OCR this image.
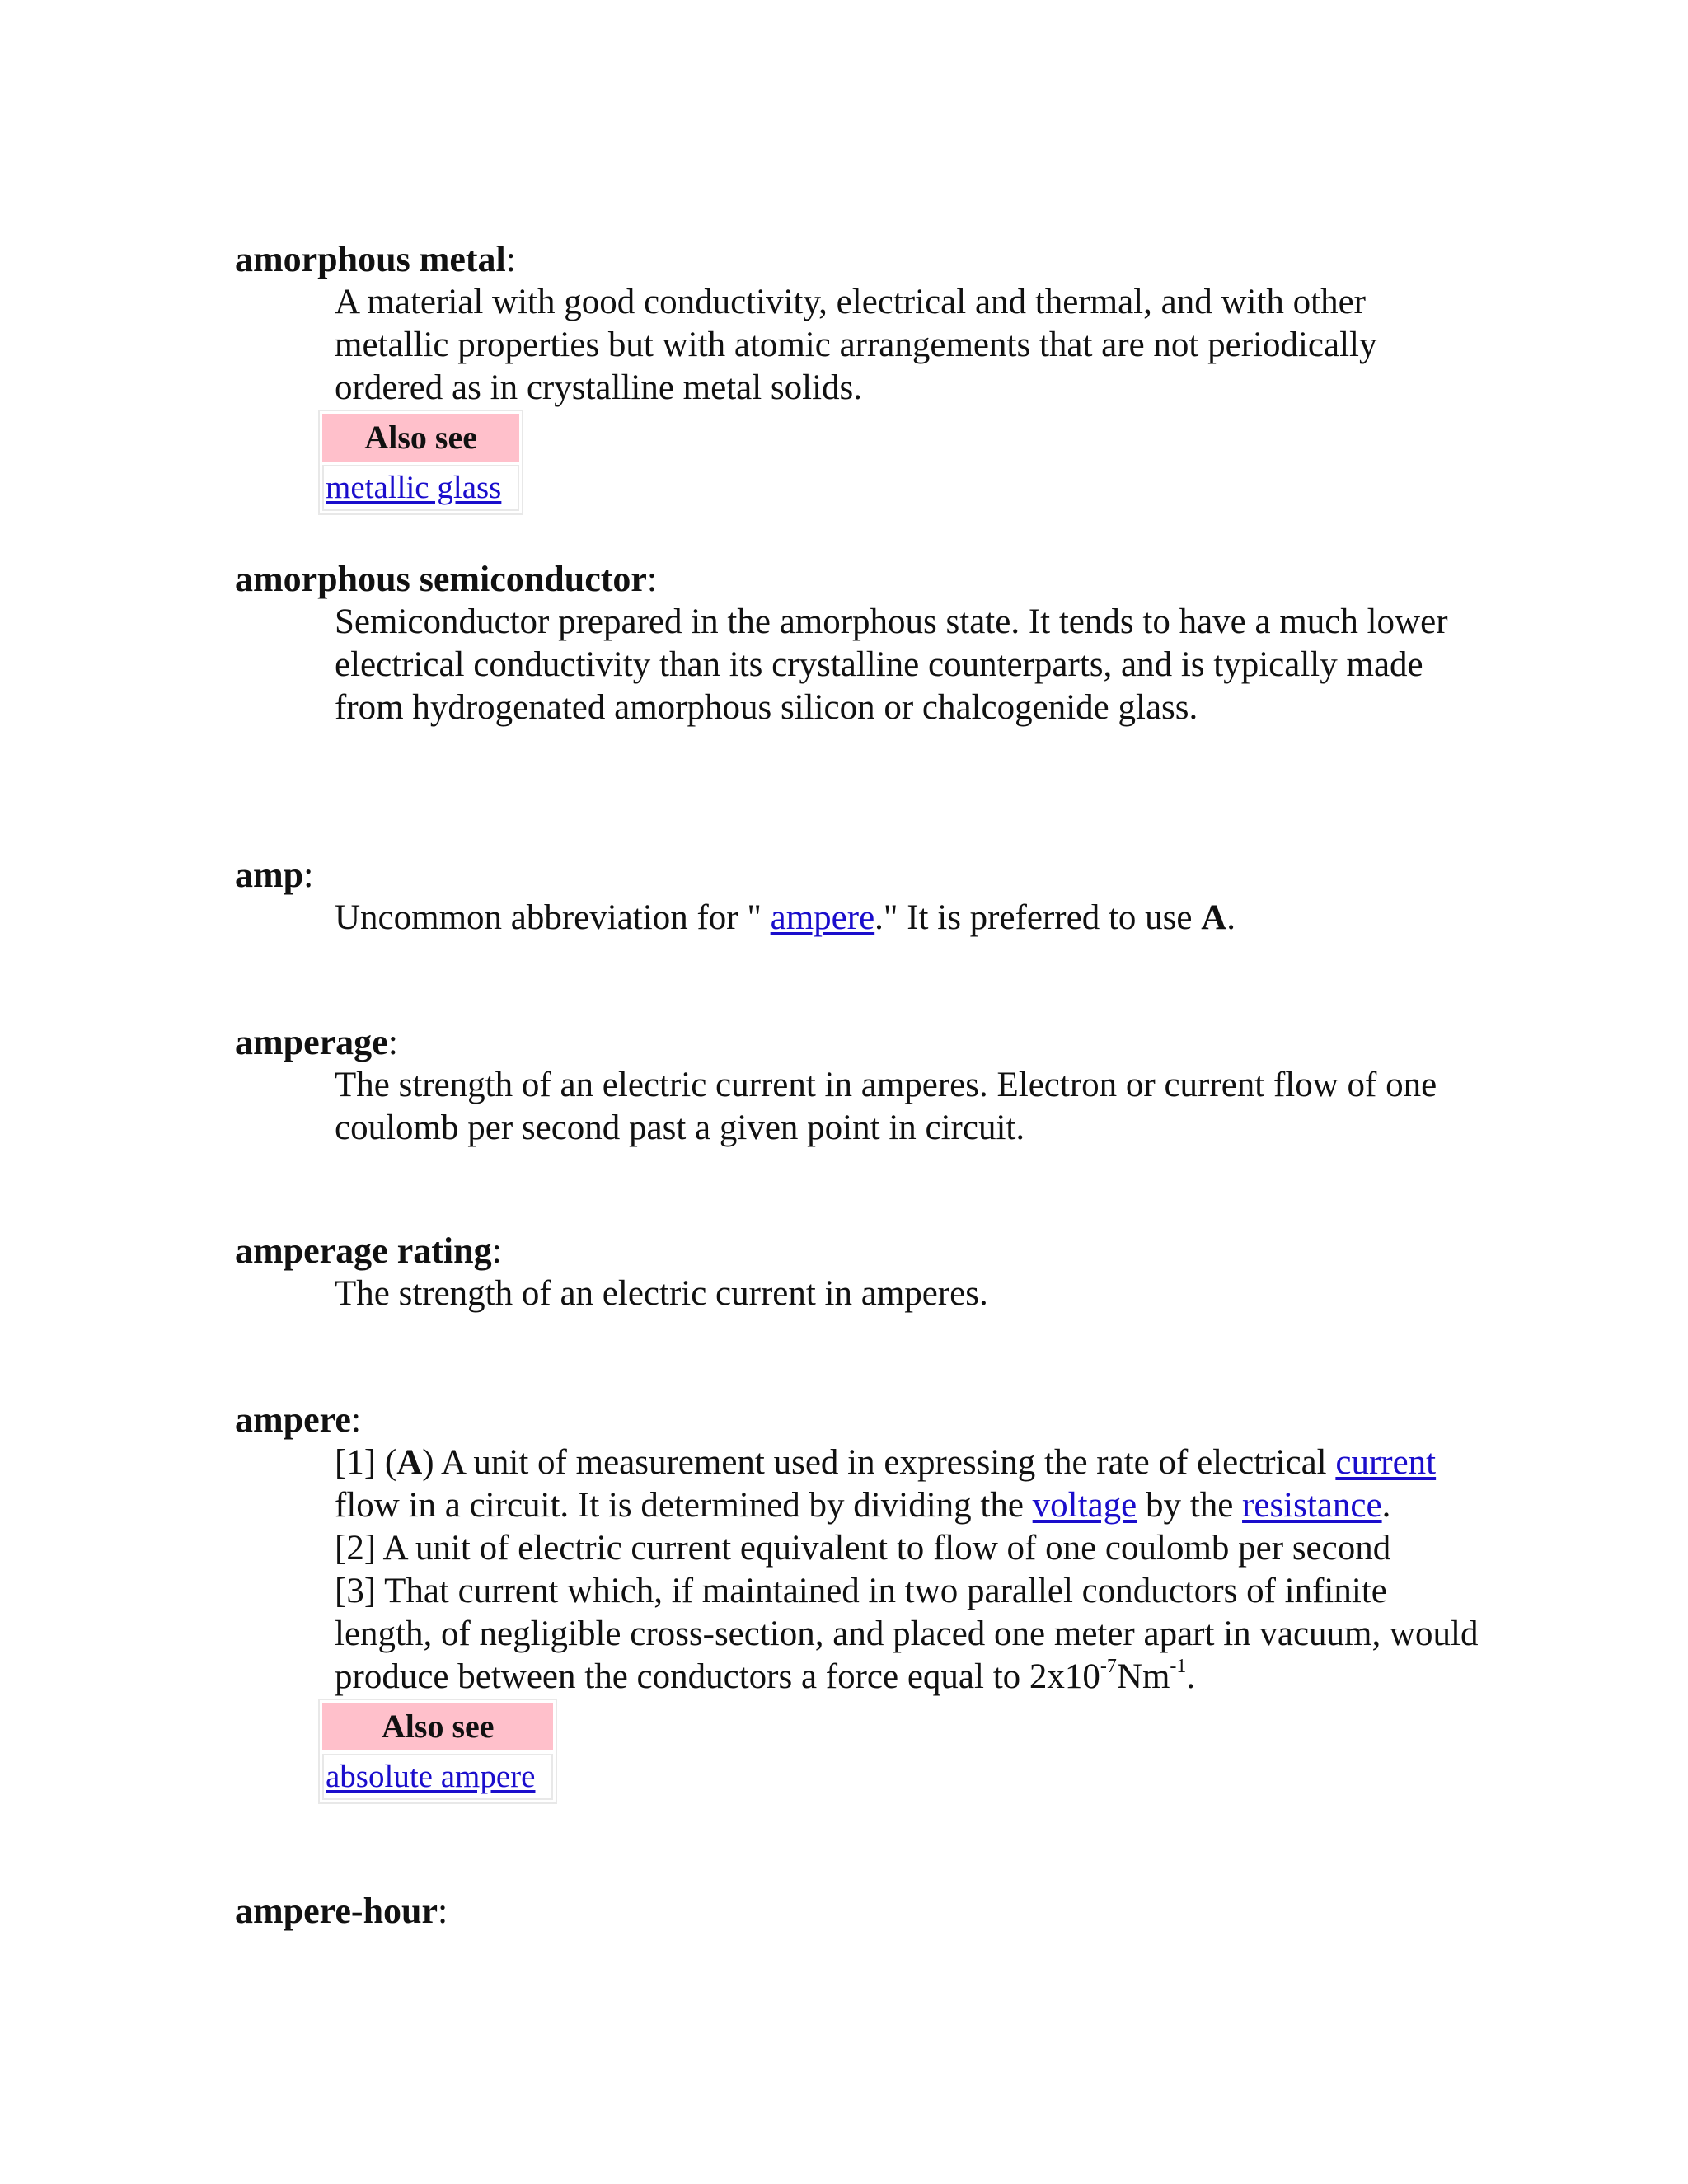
amorphous metal:

A material with good conductivity, electrical and thermal, and with other metallic properties but with atomic arrangements that are not periodically ordered as in crystalline metal solids.

Also see
metallic glass
amorphous semiconductor:

Semiconductor prepared in the amorphous state. It tends to have a much lower electrical conductivity than its crystalline counterparts, and is typically made from hydrogenated amorphous silicon or chalcogenide glass.

amp:

Uncommon abbreviation for " ampere." It is preferred to use A.

amperage:

The strength of an electric current in amperes. Electron or current flow of one coulomb per second past a given point in circuit.

amperage rating:

The strength of an electric current in amperes.

ampere:

[1] (A) A unit of measurement used in expressing the rate of electrical current flow in a circuit. It is determined by dividing the voltage by the resistance.

[2] A unit of electric current equivalent to flow of one coulomb per second

[3] That current which, if maintained in two parallel conductors of infinite length, of negligible cross-section, and placed one meter apart in vacuum, would produce between the conductors a force equal to $2x10^{-7}Nm^{-1}$.

Also see
absolute ampere
ampere-hour:
